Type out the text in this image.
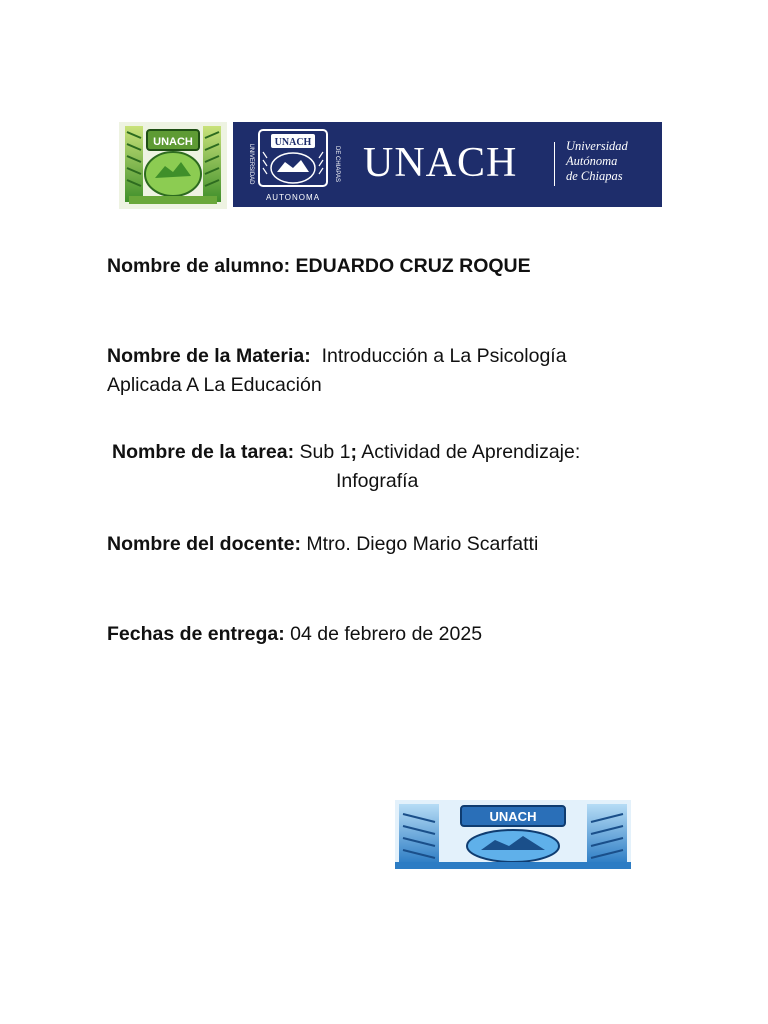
UNACH	UNACH
UNIVERSIDAD	DE CHIAPAS
AUTONOMA
UNACH	Universidad
Autónoma
de Chiapas
Nombre de alumno: EDUARDO CRUZ ROQUE
Nombre de la Materia: Introducción a La Psicología
Aplicada A La Educación
Nombre de la tarea: Sub 1; Actividad de Aprendizaje:
Infografía
Nombre del docente: Mtro. Diego Mario Scarfatti
Fechas de entrega: 04 de febrero de 2025
UNACH
